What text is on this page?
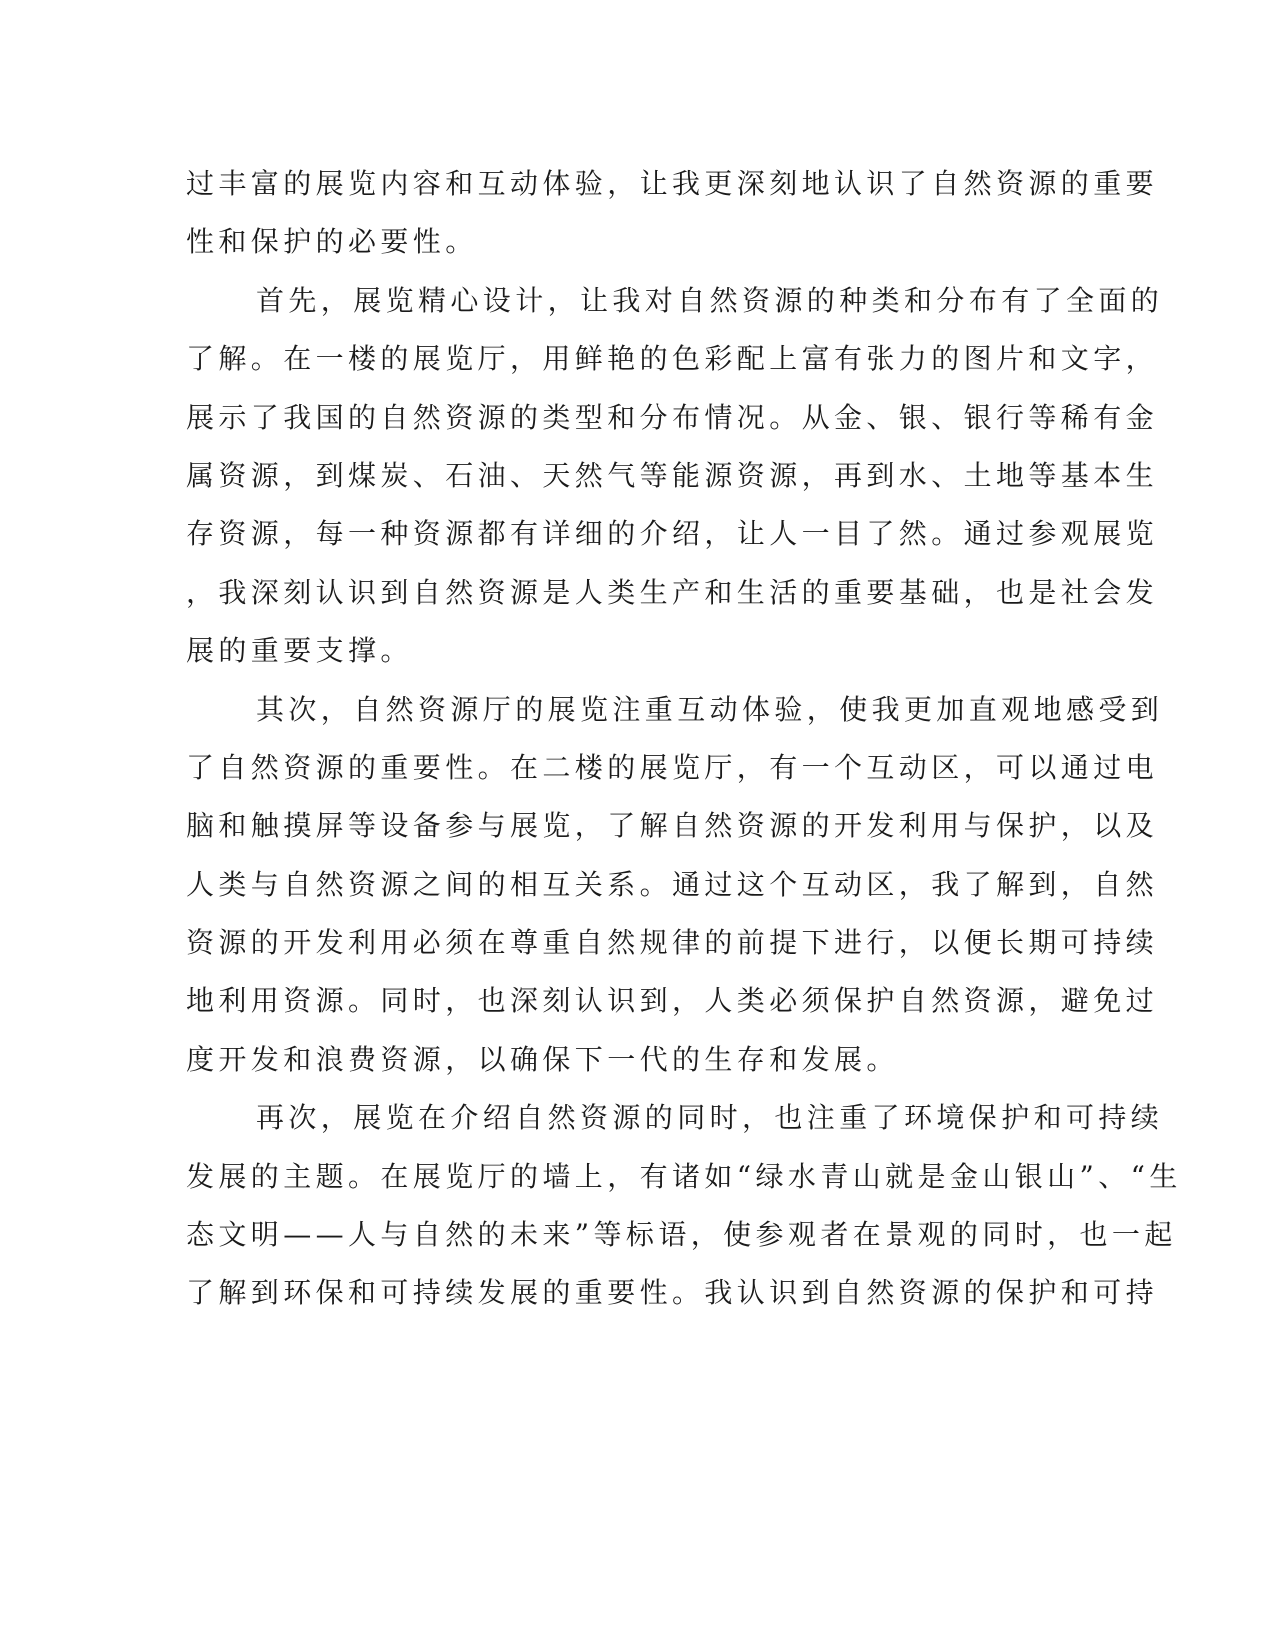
过丰富的展览内容和互动体验，让我更深刻地认识了自然资源的重要
性和保护的必要性。
首先，展览精心设计，让我对自然资源的种类和分布有了全面的
了解。在一楼的展览厅，用鲜艳的色彩配上富有张力的图片和文字，
展示了我国的自然资源的类型和分布情况。从金、银、银行等稀有金
属资源，到煤炭、石油、天然气等能源资源，再到水、土地等基本生
存资源，每一种资源都有详细的介绍，让人一目了然。通过参观展览
，我深刻认识到自然资源是人类生产和生活的重要基础，也是社会发
展的重要支撑。
其次，自然资源厅的展览注重互动体验，使我更加直观地感受到
了自然资源的重要性。在二楼的展览厅，有一个互动区，可以通过电
脑和触摸屏等设备参与展览，了解自然资源的开发利用与保护，以及
人类与自然资源之间的相互关系。通过这个互动区，我了解到，自然
资源的开发利用必须在尊重自然规律的前提下进行，以便长期可持续
地利用资源。同时，也深刻认识到，人类必须保护自然资源，避免过
度开发和浪费资源，以确保下一代的生存和发展。
再次，展览在介绍自然资源的同时，也注重了环境保护和可持续
发展的主题。在展览厅的墙上，有诸如“绿水青山就是金山银山”、“生
态文明——人与自然的未来”等标语，使参观者在景观的同时，也一起
了解到环保和可持续发展的重要性。我认识到自然资源的保护和可持
